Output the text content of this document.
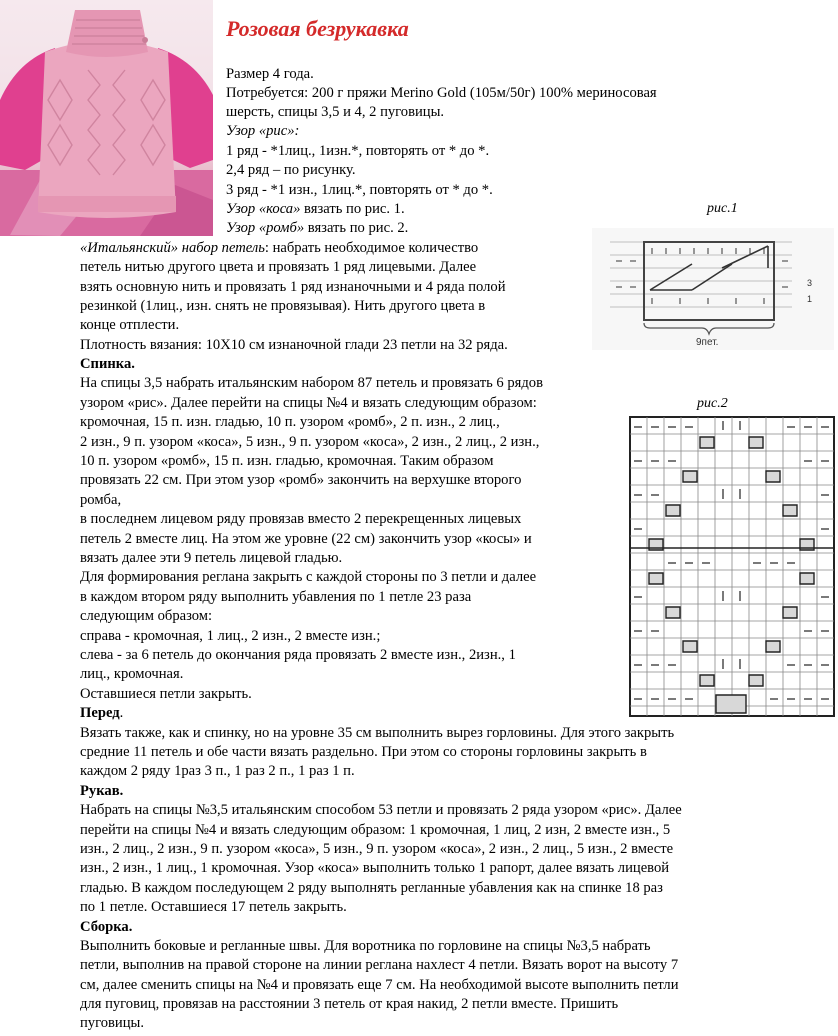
Розовая безрукавка
Размер 4 года.
Потребуется: 200 г пряжи Merino Gold (105м/50г) 100% мериносовая
шерсть, спицы 3,5 и 4, 2 пуговицы.
Узор «рис»:
1 ряд - *1лиц., 1изн.*, повторять от * до *.
2,4 ряд – по рисунку.
3 ряд - *1 изн., 1лиц.*, повторять от * до *.
Узор «коса» вязать по рис. 1.
Узор «ромб» вязать по рис. 2.
«Итальянский» набор петель: набрать необходимое количество
петель нитью другого цвета и провязать 1 ряд лицевыми. Далее
взять основную нить и провязать 1 ряд изнаночными и 4 ряда полой
резинкой (1лиц., изн. снять не провязывая). Нить другого цвета в
конце отплести.
Плотность вязания: 10Х10 см изнаночной глади 23 петли на 32 ряда.
Спинка.
На спицы 3,5 набрать итальянским набором 87 петель и провязать 6 рядов
узором «рис». Далее перейти на спицы №4 и вязать следующим образом:
кромочная, 15 п. изн. гладью, 10 п. узором «ромб», 2 п. изн., 2 лиц.,
2 изн., 9 п. узором «коса», 5 изн., 9 п. узором «коса», 2 изн., 2 лиц., 2 изн.,
10 п. узором «ромб», 15 п. изн. гладью, кромочная. Таким образом
провязать 22 см. При этом узор «ромб» закончить на верхушке второго
ромба,
в последнем лицевом ряду провязав вместо 2 перекрещенных лицевых
петель 2 вместе лиц. На этом же уровне (22 см) закончить узор «косы» и
вязать далее эти 9 петель лицевой гладью.
Для формирования реглана закрыть с каждой стороны по 3 петли и далее
в каждом втором ряду выполнить убавления по 1 петле 23 раза
следующим образом:
справа - кромочная, 1 лиц., 2 изн., 2 вместе изн.;
слева - за 6 петель до окончания ряда провязать 2 вместе изн., 2изн., 1
лиц., кромочная.
Оставшиеся петли закрыть.
Перед.
Вязать также, как и спинку, но на уровне 35 см выполнить вырез горловины. Для этого закрыть
средние 11 петель и обе части вязать раздельно. При этом со стороны горловины закрыть в
каждом 2 ряду 1раз 3 п., 1 раз 2 п., 1 раз 1 п.
Рукав.
Набрать на спицы №3,5 итальянским способом 53 петли и провязать 2 ряда узором «рис». Далее
перейти на спицы №4 и вязать следующим образом: 1 кромочная, 1 лиц, 2 изн, 2 вместе изн., 5
изн., 2 лиц., 2 изн., 9 п. узором «коса», 5 изн., 9 п. узором «коса», 2 изн., 2 лиц., 5 изн., 2 вместе
изн., 2 изн., 1 лиц., 1 кромочная. Узор «коса» выполнить только 1 рапорт, далее вязать лицевой
гладью. В каждом последующем 2 ряду выполнять регланные убавления как на спинке 18 раз
по 1 петле. Оставшиеся 17 петель закрыть.
Сборка.
Выполнить боковые и регланные швы. Для воротника по горловине на спицы №3,5 набрать
петли, выполнив на правой стороне на линии реглана нахлест 4 петли. Вязать ворот на высоту 7
см, далее сменить спицы на №4 и провязать еще 7 см. На необходимой высоте выполнить петли
для пуговиц, провязав на расстоянии 3 петель от края накид, 2 петли вместе. Пришить
пуговицы.
рис.1
3
1
9пет.
рис.2
